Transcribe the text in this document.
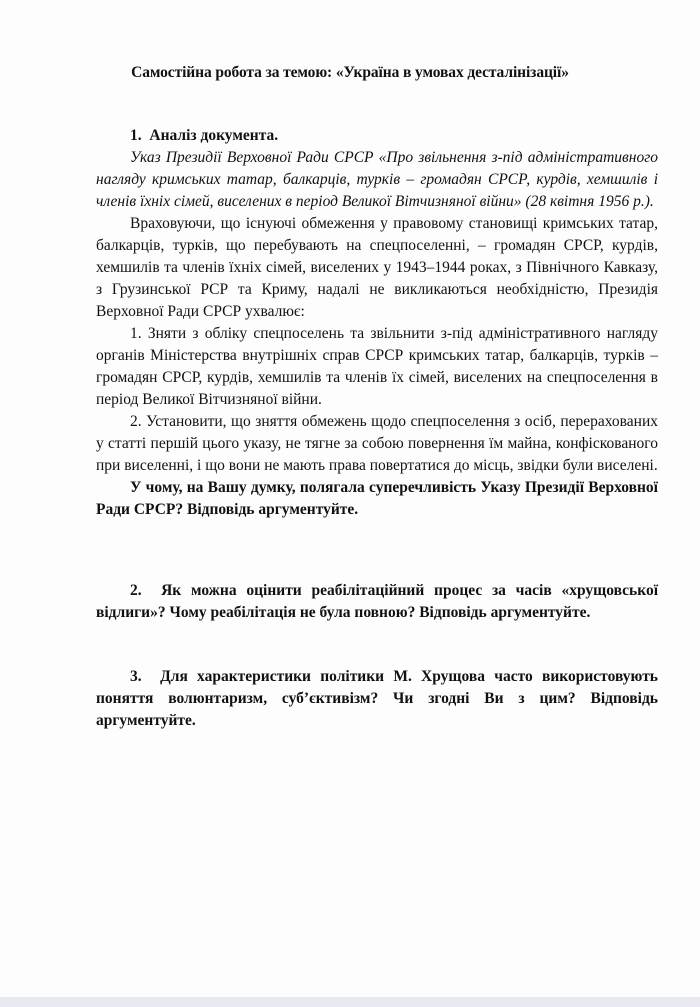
Самостійна робота за темою: «Україна в умовах десталінізації»

1.  Аналіз документа.

Указ Президії Верховної Ради СРСР «Про звільнення з-під адміністративного нагляду кримських татар, балкарців, турків – громадян СРСР, курдів, хемшилів і членів їхніх сімей, виселених в період Великої Вітчизняної війни» (28 квітня 1956 р.).

Враховуючи, що існуючі обмеження у правовому становищі кримських татар, балкарців, турків, що перебувають на спецпоселенні, – громадян СРСР, курдів, хемшилів та членів їхніх сімей, виселених у 1943–1944 роках, з Північного Кавказу, з Грузинської РСР та Криму, надалі не викликаються необхідністю, Президія Верховної Ради СРСР ухвалює:

1. Зняти з обліку спецпоселень та звільнити з-під адміністративного нагляду органів Міністерства внутрішніх справ СРСР кримських татар, балкарців, турків – громадян СРСР, курдів, хемшилів та членів їх сімей, виселених на спецпоселення в період Великої Вітчизняної війни.

2. Установити, що зняття обмежень щодо спецпоселення з осіб, перерахованих у статті першій цього указу, не тягне за собою повернення їм майна, конфіскованого при виселенні, і що вони не мають права повертатися до місць, звідки були виселені.

У чому, на Вашу думку, полягала суперечливість Указу Президії Верховної Ради СРСР? Відповідь аргументуйте.

2.  Як можна оцінити реабілітаційний процес за часів «хрущовської відлиги»? Чому реабілітація не була повною? Відповідь аргументуйте.

3.  Для характеристики політики М. Хрущова часто використовують поняття волюнтаризм, суб’єктивізм? Чи згодні Ви з цим? Відповідь аргументуйте.
